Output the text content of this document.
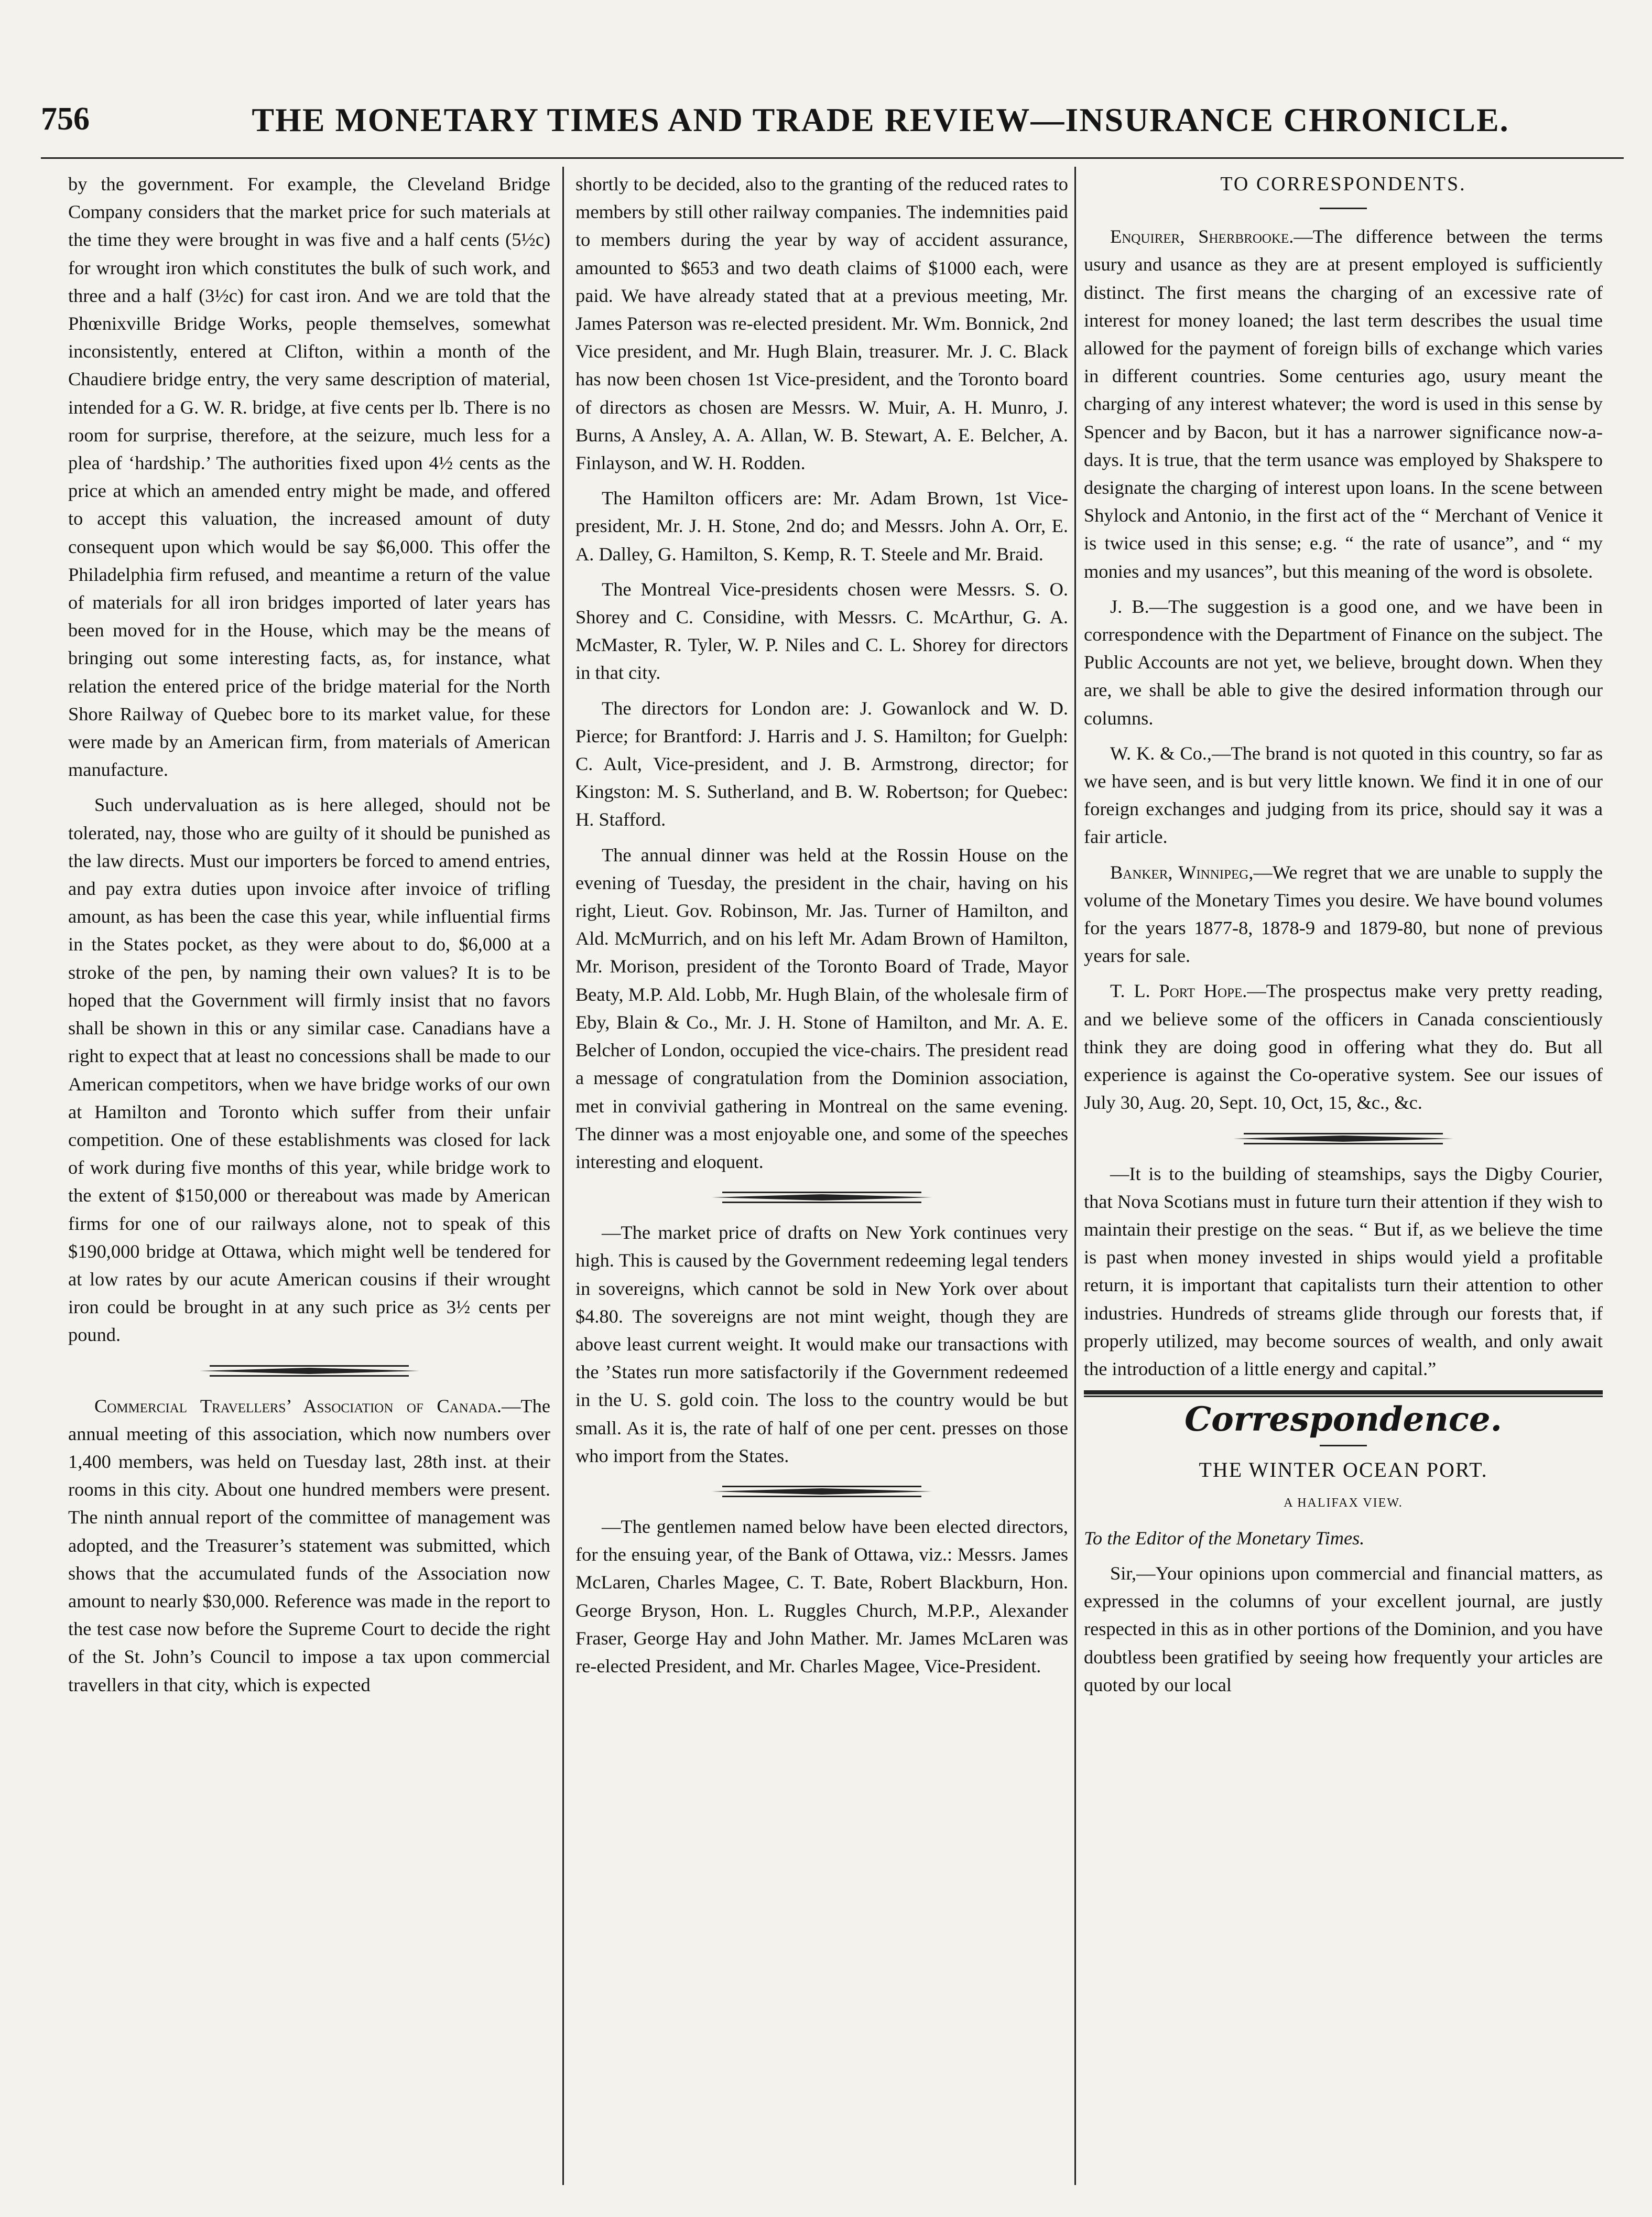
756	THE MONETARY TIMES AND TRADE REVIEW—INSURANCE CHRONICLE.

by the government. For example, the Cleveland Bridge Company considers that the market price for such materials at the time they were brought in was five and a half cents (5½c) for wrought iron which constitutes the bulk of such work, and three and a half (3½c) for cast iron. And we are told that the Phœnixville Bridge Works, people themselves, somewhat inconsistently, entered at Clifton, within a month of the Chaudiere bridge entry, the very same description of material, intended for a G. W. R. bridge, at five cents per lb. There is no room for surprise, therefore, at the seizure, much less for a plea of ‘hardship.’ The authorities fixed upon 4½ cents as the price at which an amended entry might be made, and offered to accept this valuation, the increased amount of duty consequent upon which would be say $6,000. This offer the Philadelphia firm refused, and meantime a return of the value of materials for all iron bridges imported of later years has been moved for in the House, which may be the means of bringing out some interesting facts, as, for instance, what relation the entered price of the bridge material for the North Shore Railway of Quebec bore to its market value, for these were made by an American firm, from materials of American manufacture.

Such undervaluation as is here alleged, should not be tolerated, nay, those who are guilty of it should be punished as the law directs. Must our importers be forced to amend entries, and pay extra duties upon invoice after invoice of trifling amount, as has been the case this year, while influential firms in the States pocket, as they were about to do, $6,000 at a stroke of the pen, by naming their own values? It is to be hoped that the Government will firmly insist that no favors shall be shown in this or any similar case. Canadians have a right to expect that at least no concessions shall be made to our American competitors, when we have bridge works of our own at Hamilton and Toronto which suffer from their unfair competition. One of these establishments was closed for lack of work during five months of this year, while bridge work to the extent of $150,000 or thereabout was made by American firms for one of our railways alone, not to speak of this $190,000 bridge at Ottawa, which might well be tendered for at low rates by our acute American cousins if their wrought iron could be brought in at any such price as 3½ cents per pound.

Commercial Travellers’ Association of Canada.—The annual meeting of this association, which now numbers over 1,400 members, was held on Tuesday last, 28th inst. at their rooms in this city. About one hundred members were present. The ninth annual report of the committee of management was adopted, and the Treasurer’s statement was submitted, which shows that the accumulated funds of the Association now amount to nearly $30,000. Reference was made in the report to the test case now before the Supreme Court to decide the right of the St. John’s Council to impose a tax upon commercial travellers in that city, which is expected

shortly to be decided, also to the granting of the reduced rates to members by still other railway companies. The indemnities paid to members during the year by way of accident assurance, amounted to $653 and two death claims of $1000 each, were paid. We have already stated that at a previous meeting, Mr. James Paterson was re-elected president. Mr. Wm. Bonnick, 2nd Vice president, and Mr. Hugh Blain, treasurer. Mr. J. C. Black has now been chosen 1st Vice-president, and the Toronto board of directors as chosen are Messrs. W. Muir, A. H. Munro, J. Burns, A Ansley, A. A. Allan, W. B. Stewart, A. E. Belcher, A. Finlayson, and W. H. Rodden.

The Hamilton officers are: Mr. Adam Brown, 1st Vice-president, Mr. J. H. Stone, 2nd do; and Messrs. John A. Orr, E. A. Dalley, G. Hamilton, S. Kemp, R. T. Steele and Mr. Braid.

The Montreal Vice-presidents chosen were Messrs. S. O. Shorey and C. Considine, with Messrs. C. McArthur, G. A. McMaster, R. Tyler, W. P. Niles and C. L. Shorey for directors in that city.

The directors for London are: J. Gowanlock and W. D. Pierce; for Brantford: J. Harris and J. S. Hamilton; for Guelph: C. Ault, Vice-president, and J. B. Armstrong, director; for Kingston: M. S. Sutherland, and B. W. Robertson; for Quebec: H. Stafford.

The annual dinner was held at the Rossin House on the evening of Tuesday, the president in the chair, having on his right, Lieut. Gov. Robinson, Mr. Jas. Turner of Hamilton, and Ald. McMurrich, and on his left Mr. Adam Brown of Hamilton, Mr. Morison, president of the Toronto Board of Trade, Mayor Beaty, M.P. Ald. Lobb, Mr. Hugh Blain, of the wholesale firm of Eby, Blain & Co., Mr. J. H. Stone of Hamilton, and Mr. A. E. Belcher of London, occupied the vice-chairs. The president read a message of congratulation from the Dominion association, met in convivial gathering in Montreal on the same evening. The dinner was a most enjoyable one, and some of the speeches interesting and eloquent.

—The market price of drafts on New York continues very high. This is caused by the Government redeeming legal tenders in sovereigns, which cannot be sold in New York over about $4.80. The sovereigns are not mint weight, though they are above least current weight. It would make our transactions with the ’States run more satisfactorily if the Government redeemed in the U. S. gold coin. The loss to the country would be but small. As it is, the rate of half of one per cent. presses on those who import from the States.

—The gentlemen named below have been elected directors, for the ensuing year, of the Bank of Ottawa, viz.: Messrs. James McLaren, Charles Magee, C. T. Bate, Robert Blackburn, Hon. George Bryson, Hon. L. Ruggles Church, M.P.P., Alexander Fraser, George Hay and John Mather. Mr. James McLaren was re-elected President, and Mr. Charles Magee, Vice-President.

TO CORRESPONDENTS.

Enquirer, Sherbrooke.—The difference between the terms usury and usance as they are at present employed is sufficiently distinct. The first means the charging of an excessive rate of interest for money loaned; the last term describes the usual time allowed for the payment of foreign bills of exchange which varies in different countries. Some centuries ago, usury meant the charging of any interest whatever; the word is used in this sense by Spencer and by Bacon, but it has a narrower significance now-a-days. It is true, that the term usance was employed by Shakspere to designate the charging of interest upon loans. In the scene between Shylock and Antonio, in the first act of the “ Merchant of Venice it is twice used in this sense; e.g. “ the rate of usance”, and “ my monies and my usances”, but this meaning of the word is obsolete.

J. B.—The suggestion is a good one, and we have been in correspondence with the Department of Finance on the subject. The Public Accounts are not yet, we believe, brought down. When they are, we shall be able to give the desired information through our columns.

W. K. & Co.,—The brand is not quoted in this country, so far as we have seen, and is but very little known. We find it in one of our foreign exchanges and judging from its price, should say it was a fair article.

Banker, Winnipeg,—We regret that we are unable to supply the volume of the Monetary Times you desire. We have bound volumes for the years 1877-8, 1878-9 and 1879-80, but none of previous years for sale.

T. L. Port Hope.—The prospectus make very pretty reading, and we believe some of the officers in Canada conscientiously think they are doing good in offering what they do. But all experience is against the Co-operative system. See our issues of July 30, Aug. 20, Sept. 10, Oct, 15, &c., &c.

—It is to the building of steamships, says the Digby Courier, that Nova Scotians must in future turn their attention if they wish to maintain their prestige on the seas. “ But if, as we believe the time is past when money invested in ships would yield a profitable return, it is important that capitalists turn their attention to other industries. Hundreds of streams glide through our forests that, if properly utilized, may become sources of wealth, and only await the introduction of a little energy and capital.”

Correspondence.
THE WINTER OCEAN PORT.
A HALIFAX VIEW.

To the Editor of the Monetary Times.

Sir,—Your opinions upon commercial and financial matters, as expressed in the columns of your excellent journal, are justly respected in this as in other portions of the Dominion, and you have doubtless been gratified by seeing how frequently your articles are quoted by our local
